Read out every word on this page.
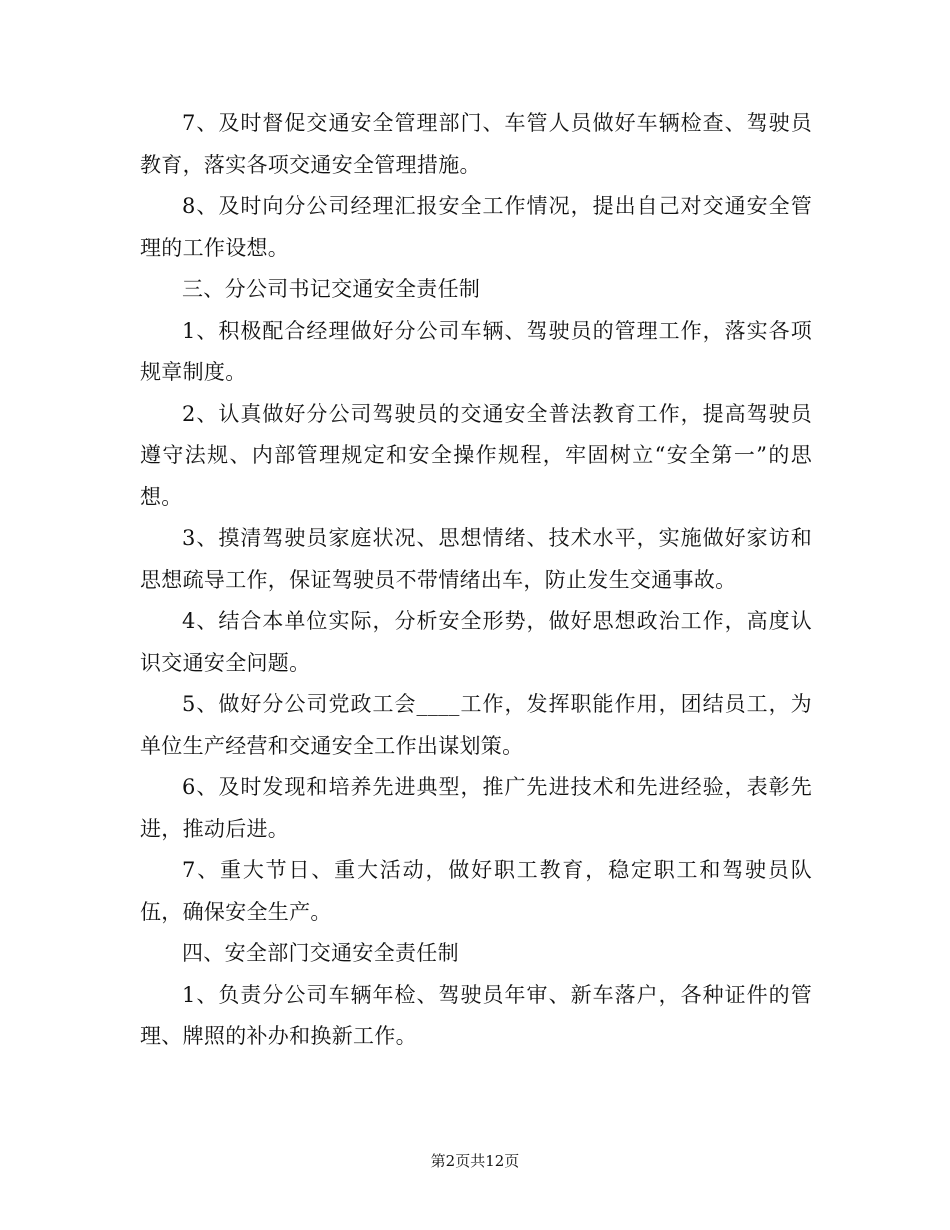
7、及时督促交通安全管理部门、车管人员做好车辆检查、驾驶员教育，落实各项交通安全管理措施。

8、及时向分公司经理汇报安全工作情况，提出自己对交通安全管理的工作设想。

三、分公司书记交通安全责任制

1、积极配合经理做好分公司车辆、驾驶员的管理工作，落实各项规章制度。

2、认真做好分公司驾驶员的交通安全普法教育工作，提高驾驶员遵守法规、内部管理规定和安全操作规程，牢固树立“安全第一”的思想。

3、摸清驾驶员家庭状况、思想情绪、技术水平，实施做好家访和思想疏导工作，保证驾驶员不带情绪出车，防止发生交通事故。

4、结合本单位实际，分析安全形势，做好思想政治工作，高度认识交通安全问题。

5、做好分公司党政工会____工作，发挥职能作用，团结员工，为单位生产经营和交通安全工作出谋划策。

6、及时发现和培养先进典型，推广先进技术和先进经验，表彰先进，推动后进。

7、重大节日、重大活动，做好职工教育，稳定职工和驾驶员队伍，确保安全生产。

四、安全部门交通安全责任制

1、负责分公司车辆年检、驾驶员年审、新车落户，各种证件的管理、牌照的补办和换新工作。

第2页共12页
